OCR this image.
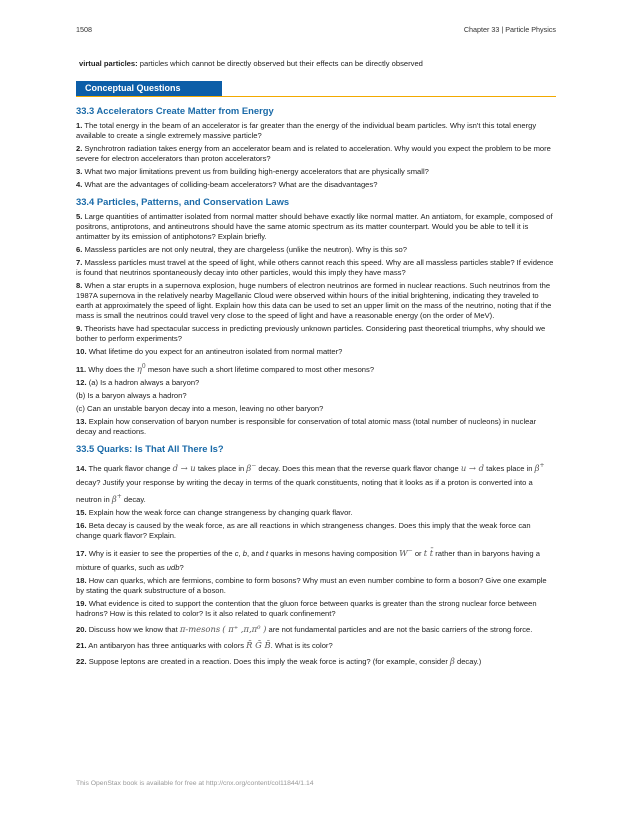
1508	Chapter 33 | Particle Physics
virtual particles: particles which cannot be directly observed but their effects can be directly observed
Conceptual Questions
33.3 Accelerators Create Matter from Energy
1. The total energy in the beam of an accelerator is far greater than the energy of the individual beam particles. Why isn't this total energy available to create a single extremely massive particle?
2. Synchrotron radiation takes energy from an accelerator beam and is related to acceleration. Why would you expect the problem to be more severe for electron accelerators than proton accelerators?
3. What two major limitations prevent us from building high-energy accelerators that are physically small?
4. What are the advantages of colliding-beam accelerators? What are the disadvantages?
33.4 Particles, Patterns, and Conservation Laws
5. Large quantities of antimatter isolated from normal matter should behave exactly like normal matter. An antiatom, for example, composed of positrons, antiprotons, and antineutrons should have the same atomic spectrum as its matter counterpart. Would you be able to tell it is antimatter by its emission of antiphotons? Explain briefly.
6. Massless particles are not only neutral, they are chargeless (unlike the neutron). Why is this so?
7. Massless particles must travel at the speed of light, while others cannot reach this speed. Why are all massless particles stable? If evidence is found that neutrinos spontaneously decay into other particles, would this imply they have mass?
8. When a star erupts in a supernova explosion, huge numbers of electron neutrinos are formed in nuclear reactions. Such neutrinos from the 1987A supernova in the relatively nearby Magellanic Cloud were observed within hours of the initial brightening, indicating they traveled to earth at approximately the speed of light. Explain how this data can be used to set an upper limit on the mass of the neutrino, noting that if the mass is small the neutrinos could travel very close to the speed of light and have a reasonable energy (on the order of MeV).
9. Theorists have had spectacular success in predicting previously unknown particles. Considering past theoretical triumphs, why should we bother to perform experiments?
10. What lifetime do you expect for an antineutron isolated from normal matter?
11. Why does the $\eta^0$ meson have such a short lifetime compared to most other mesons?
12. (a) Is a hadron always a baryon?
(b) Is a baryon always a hadron?
(c) Can an unstable baryon decay into a meson, leaving no other baryon?
13. Explain how conservation of baryon number is responsible for conservation of total atomic mass (total number of nucleons) in nuclear decay and reactions.
33.5 Quarks: Is That All There Is?
14. The quark flavor change d → u takes place in β− decay. Does this mean that the reverse quark flavor change u → d takes place in β+ decay? Justify your response by writing the decay in terms of the quark constituents, noting that it looks as if a proton is converted into a neutron in β+ decay.
15. Explain how the weak force can change strangeness by changing quark flavor.
16. Beta decay is caused by the weak force, as are all reactions in which strangeness changes. Does this imply that the weak force can change quark flavor? Explain.
17. Why is it easier to see the properties of the c, b, and t quarks in mesons having composition W− or t t̄ rather than in baryons having a mixture of quarks, such as udb?
18. How can quarks, which are fermions, combine to form bosons? Why must an even number combine to form a boson? Give one example by stating the quark substructure of a boson.
19. What evidence is cited to support the contention that the gluon force between quarks is greater than the strong nuclear force between hadrons? How is this related to color? Is it also related to quark confinement?
20. Discuss how we know that π-mesons ( π⁺ ,π,π⁰ ) are not fundamental particles and are not the basic carriers of the strong force.
21. An antibaryon has three antiquarks with colors R̄ Ḡ B̄. What is its color?
22. Suppose leptons are created in a reaction. Does this imply the weak force is acting? (for example, consider β decay.)
This OpenStax book is available for free at http://cnx.org/content/col11844/1.14
